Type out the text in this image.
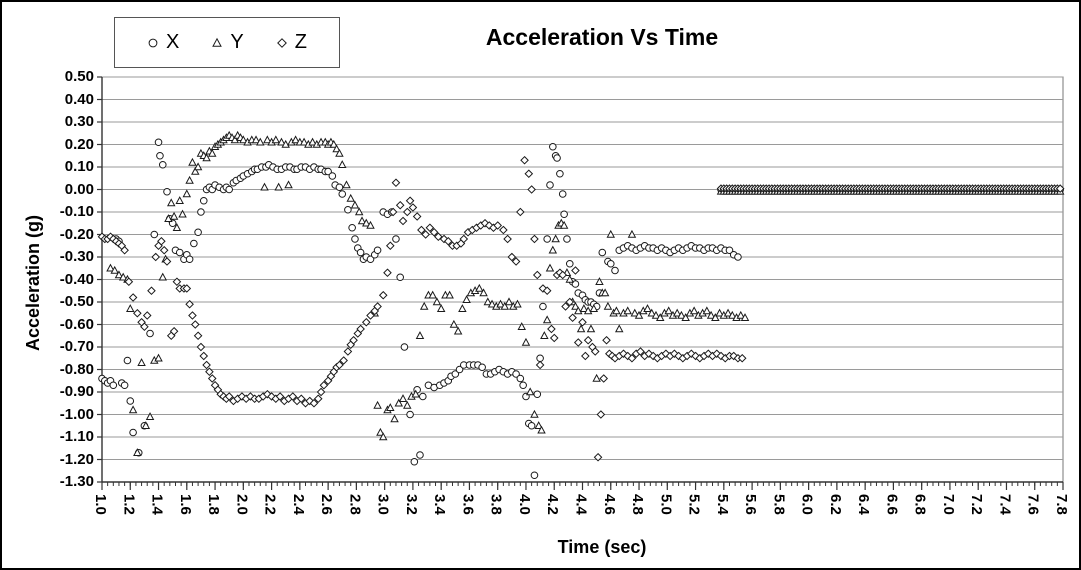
Acceleration Vs Time
X	Y	Z
1.0 1.2 1.4 1.6 1.8 2.0 2.2 2.4 2.6 2.8 3.0 3.2 3.4 3.6 3.8 4.0 4.2 4.4 4.6 4.8 5.0 5.2 5.4 5.6 5.8 6.0 6.2 6.4 6.6 6.8 7.0 7.2 7.4 7.6 7.8
0.50
0.40
0.30
0.20
0.10
0.00
-0.10
-0.20
-0.30
-0.40
-0.50
-0.60
-0.70
-0.80
-0.90
-1.00
-1.10
-1.20
-1.30
Acceleration (g)
Time (sec)
